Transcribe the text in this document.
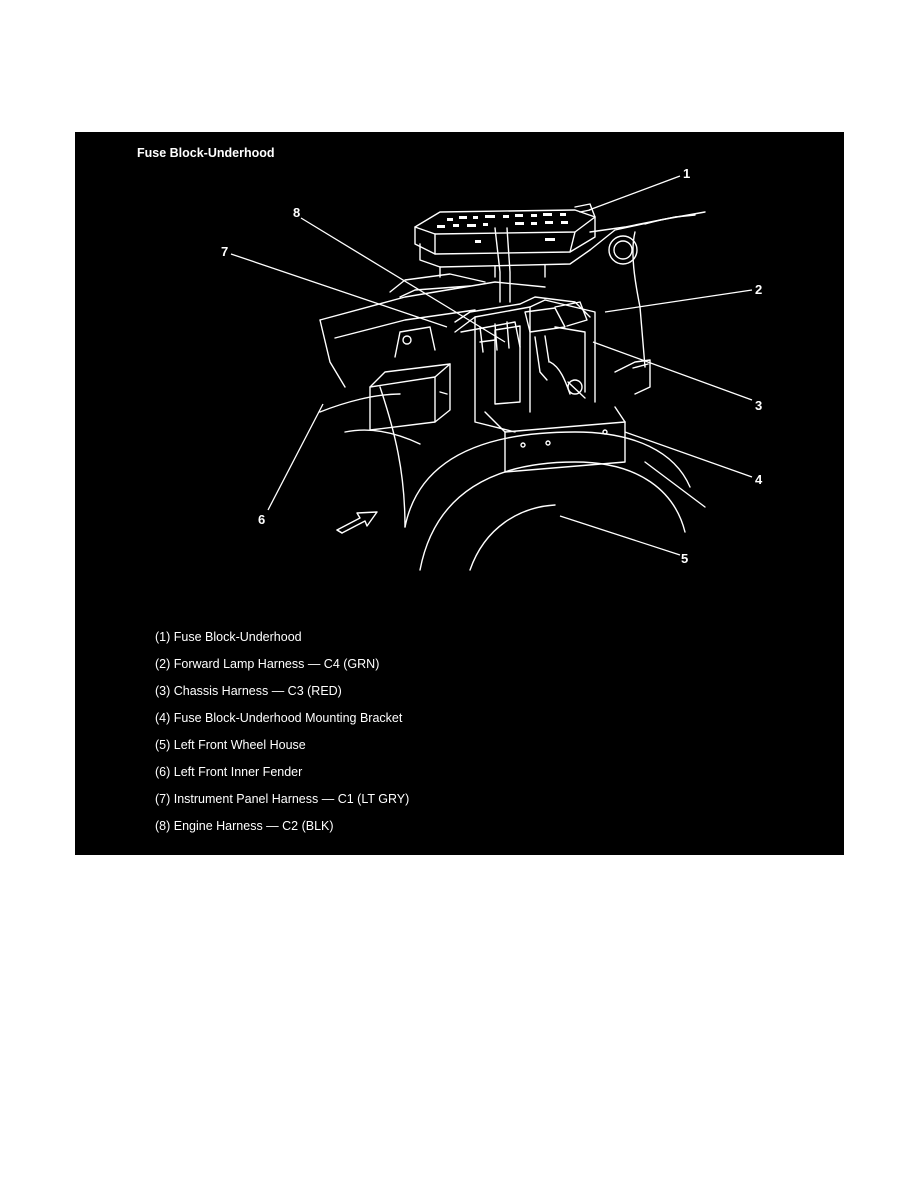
Fuse Block-Underhood
1
2
3
4
5
6
7
8
(1) Fuse Block-Underhood
(2) Forward Lamp Harness — C4 (GRN)
(3) Chassis Harness — C3 (RED)
(4) Fuse Block-Underhood Mounting Bracket
(5) Left Front Wheel House
(6) Left Front Inner Fender
(7) Instrument Panel Harness — C1 (LT GRY)
(8) Engine Harness — C2 (BLK)
